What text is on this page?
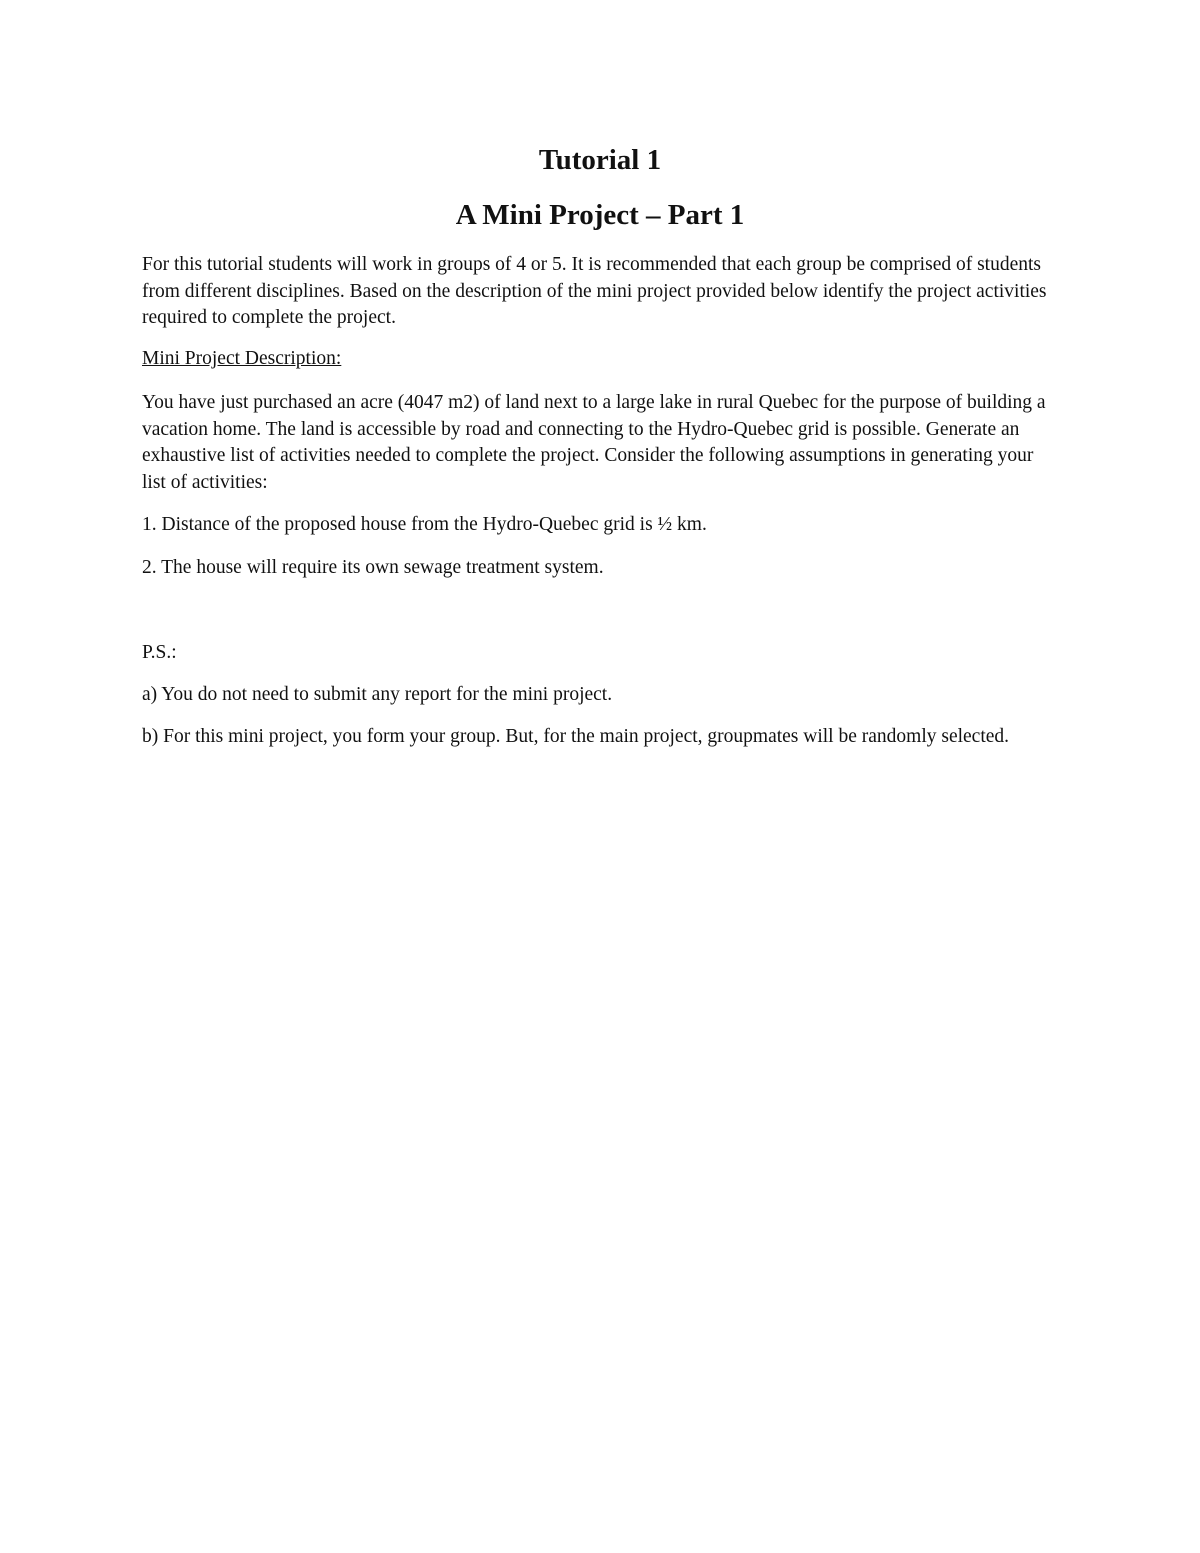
Tutorial 1
A Mini Project – Part 1

For this tutorial students will work in groups of 4 or 5. It is recommended that each group be comprised of students from different disciplines. Based on the description of the mini project provided below identify the project activities required to complete the project.

Mini Project Description:

You have just purchased an acre (4047 m2) of land next to a large lake in rural Quebec for the purpose of building a vacation home. The land is accessible by road and connecting to the Hydro-Quebec grid is possible. Generate an exhaustive list of activities needed to complete the project. Consider the following assumptions in generating your list of activities:

1. Distance of the proposed house from the Hydro-Quebec grid is ½ km.

2. The house will require its own sewage treatment system.

P.S.:

a) You do not need to submit any report for the mini project.

b) For this mini project, you form your group. But, for the main project, groupmates will be randomly selected.
